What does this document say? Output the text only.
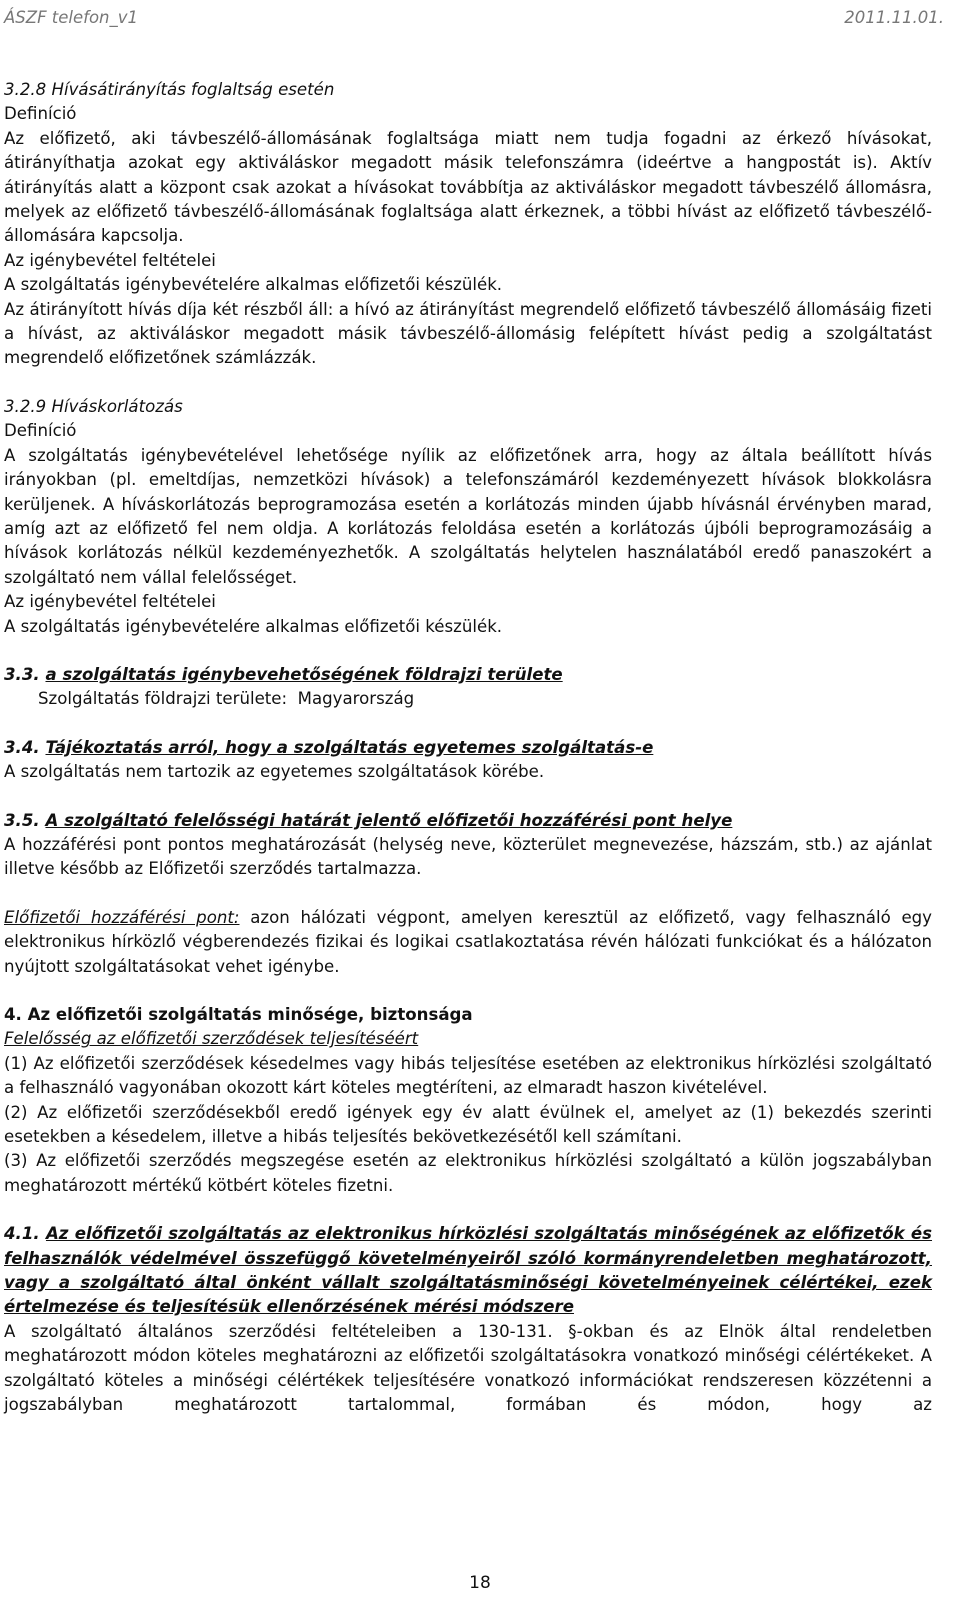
ÁSZF telefon_v1	2011.11.01.

3.2.8 Hívásátirányítás foglaltság esetén

Definíció

Az előfizető, aki távbeszélő-állomásának foglaltsága miatt nem tudja fogadni az érkező hívásokat, átirányíthatja azokat egy aktiváláskor megadott másik telefonszámra (ideértve a hangpostát is). Aktív átirányítás alatt a központ csak azokat a hívásokat továbbítja az aktiváláskor megadott távbeszélő állomásra, melyek az előfizető távbeszélő-állomásának foglaltsága alatt érkeznek, a többi hívást az előfizető távbeszélő-állomására kapcsolja.

Az igénybevétel feltételei

A szolgáltatás igénybevételére alkalmas előfizetői készülék.

Az átirányított hívás díja két részből áll: a hívó az átirányítást megrendelő előfizető távbeszélő állomásáig fizeti a hívást, az aktiváláskor megadott másik távbeszélő-állomásig felépített hívást pedig a szolgáltatást megrendelő előfizetőnek számlázzák.

3.2.9 Híváskorlátozás

Definíció

A szolgáltatás igénybevételével lehetősége nyílik az előfizetőnek arra, hogy az általa beállított hívás irányokban (pl. emeltdíjas, nemzetközi hívások) a telefonszámáról kezdeményezett hívások blokkolásra kerüljenek. A híváskorlátozás beprogramozása esetén a korlátozás minden újabb hívásnál érvényben marad, amíg azt az előfizető fel nem oldja. A korlátozás feloldása esetén a korlátozás újbóli beprogramozásáig a hívások korlátozás nélkül kezdeményezhetők. A szolgáltatás helytelen használatából eredő panaszokért a szolgáltató nem vállal felelősséget.

Az igénybevétel feltételei

A szolgáltatás igénybevételére alkalmas előfizetői készülék.

3.3. a szolgáltatás igénybevehetőségének földrajzi területe

Szolgáltatás földrajzi területe:  Magyarország

3.4. Tájékoztatás arról, hogy a szolgáltatás egyetemes szolgáltatás-e

A szolgáltatás nem tartozik az egyetemes szolgáltatások körébe.

3.5. A szolgáltató felelősségi határát jelentő előfizetői hozzáférési pont helye

A hozzáférési pont pontos meghatározását (helység neve, közterület megnevezése, házszám, stb.) az ajánlat illetve később az Előfizetői szerződés tartalmazza.

Előfizetői hozzáférési pont: azon hálózati végpont, amelyen keresztül az előfizető, vagy felhasználó egy elektronikus hírközlő végberendezés fizikai és logikai csatlakoztatása révén hálózati funkciókat és a hálózaton nyújtott szolgáltatásokat vehet igénybe.

4. Az előfizetői szolgáltatás minősége, biztonsága

Felelősség az előfizetői szerződések teljesítéséért

(1) Az előfizetői szerződések késedelmes vagy hibás teljesítése esetében az elektronikus hírközlési szolgáltató a felhasználó vagyonában okozott kárt köteles megtéríteni, az elmaradt haszon kivételével.

(2) Az előfizetői szerződésekből eredő igények egy év alatt évülnek el, amelyet az (1) bekezdés szerinti esetekben a késedelem, illetve a hibás teljesítés bekövetkezésétől kell számítani.

(3) Az előfizetői szerződés megszegése esetén az elektronikus hírközlési szolgáltató a külön jogszabályban meghatározott mértékű kötbért köteles fizetni.

4.1. Az előfizetői szolgáltatás az elektronikus hírközlési szolgáltatás minőségének az előfizetők és felhasználók védelmével összefüggő követelményeiről szóló kormányrendeletben meghatározott, vagy a szolgáltató által önként vállalt szolgáltatásminőségi követelményeinek célértékei, ezek értelmezése és teljesítésük ellenőrzésének mérési módszere

A szolgáltató általános szerződési feltételeiben a 130-131. §-okban és az Elnök által rendeletben meghatározott módon köteles meghatározni az előfizetői szolgáltatásokra vonatkozó minőségi célértékeket. A szolgáltató köteles a minőségi célértékek teljesítésére vonatkozó információkat rendszeresen közzétenni a jogszabályban meghatározott tartalommal, formában és módon, hogy az

18
